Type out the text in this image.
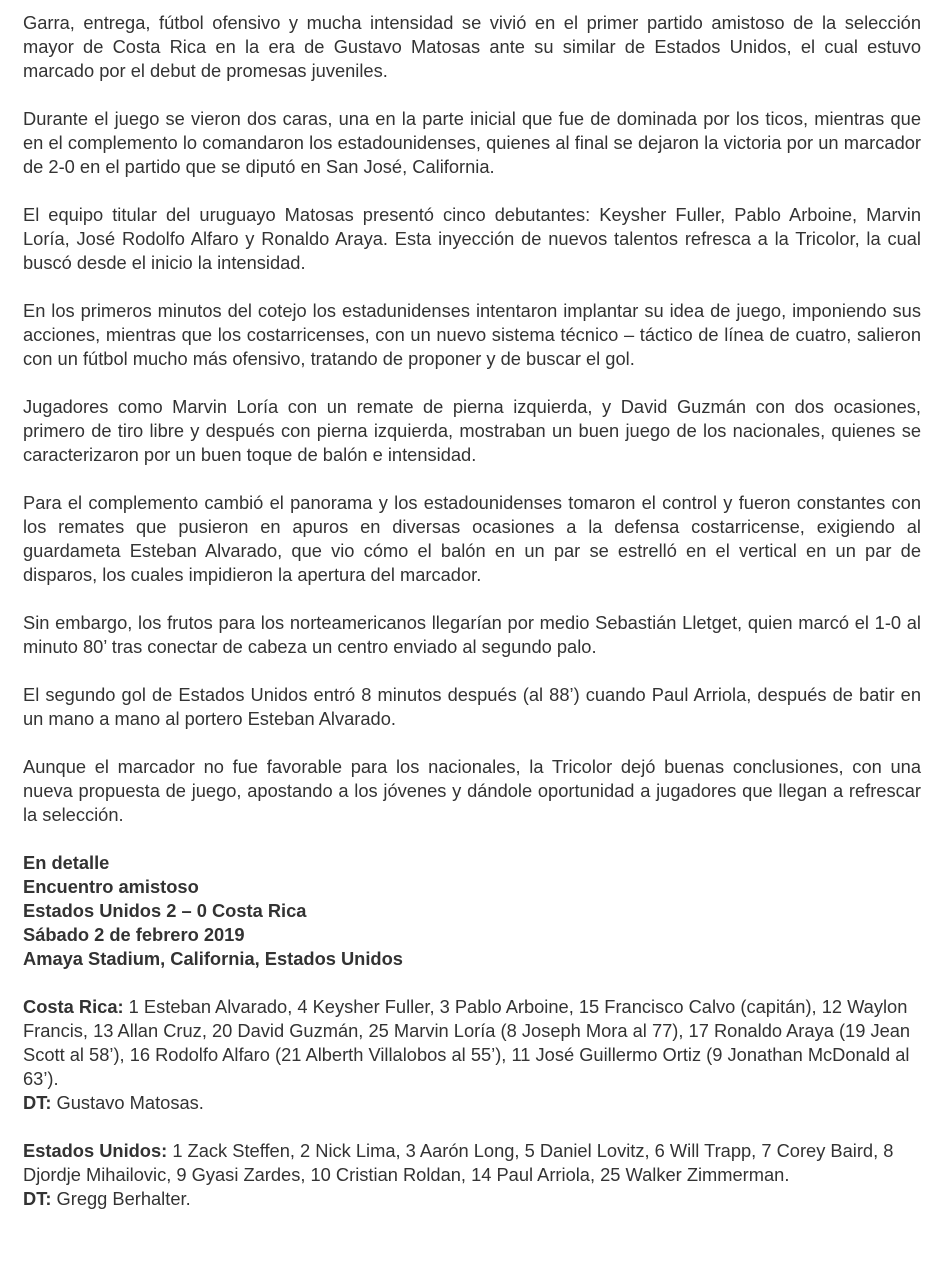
Garra, entrega, fútbol ofensivo y mucha intensidad se vivió en el primer partido amistoso de la selección mayor de Costa Rica en la era de Gustavo Matosas ante su similar de Estados Unidos, el cual estuvo marcado por el debut de promesas juveniles.

Durante el juego se vieron dos caras, una en la parte inicial que fue de dominada por los ticos, mientras que en el complemento lo comandaron los estadounidenses, quienes al final se dejaron la victoria por un marcador de 2-0 en el partido que se diputó en San José, California.

El equipo titular del uruguayo Matosas presentó cinco debutantes: Keysher Fuller, Pablo Arboine, Marvin Loría, José Rodolfo Alfaro y Ronaldo Araya. Esta inyección de nuevos talentos refresca a la Tricolor, la cual buscó desde el inicio la intensidad.

En los primeros minutos del cotejo los estadunidenses intentaron implantar su idea de juego, imponiendo sus acciones, mientras que los costarricenses, con un nuevo sistema técnico – táctico de línea de cuatro, salieron con un fútbol mucho más ofensivo, tratando de proponer y de buscar el gol.

Jugadores como Marvin Loría con un remate de pierna izquierda, y David Guzmán con dos ocasiones, primero de tiro libre y después con pierna izquierda, mostraban un buen juego de los nacionales, quienes se caracterizaron por un buen toque de balón e intensidad.

Para el complemento cambió el panorama y los estadounidenses tomaron el control y fueron constantes con los remates que pusieron en apuros en diversas ocasiones a la defensa costarricense, exigiendo al guardameta Esteban Alvarado, que vio cómo el balón en un par se estrelló en el vertical en un par de disparos, los cuales impidieron la apertura del marcador.

Sin embargo, los frutos para los norteamericanos llegarían por medio Sebastián Lletget, quien marcó el 1-0 al minuto 80’ tras conectar de cabeza un centro enviado al segundo palo.

El segundo gol de Estados Unidos entró 8 minutos después (al 88’) cuando Paul Arriola, después de batir en un mano a mano al portero Esteban Alvarado.

Aunque el marcador no fue favorable para los nacionales, la Tricolor dejó buenas conclusiones, con una nueva propuesta de juego, apostando a los jóvenes y dándole oportunidad a jugadores que llegan a refrescar la selección.

En detalle
Encuentro amistoso
Estados Unidos 2 – 0 Costa Rica
Sábado 2 de febrero 2019
Amaya Stadium, California, Estados Unidos
Costa Rica: 1 Esteban Alvarado, 4 Keysher Fuller, 3 Pablo Arboine, 15 Francisco Calvo (capitán), 12 Waylon Francis, 13 Allan Cruz, 20 David Guzmán, 25 Marvin Loría (8 Joseph Mora al 77), 17 Ronaldo Araya (19 Jean Scott al 58’), 16 Rodolfo Alfaro (21 Alberth Villalobos al 55’), 11 José Guillermo Ortiz (9 Jonathan McDonald al 63’).
DT: Gustavo Matosas.
Estados Unidos: 1 Zack Steffen, 2 Nick Lima, 3 Aarón Long, 5 Daniel Lovitz, 6 Will Trapp, 7 Corey Baird, 8 Djordje Mihailovic, 9 Gyasi Zardes, 10 Cristian Roldan, 14 Paul Arriola, 25 Walker Zimmerman.
DT: Gregg Berhalter.
